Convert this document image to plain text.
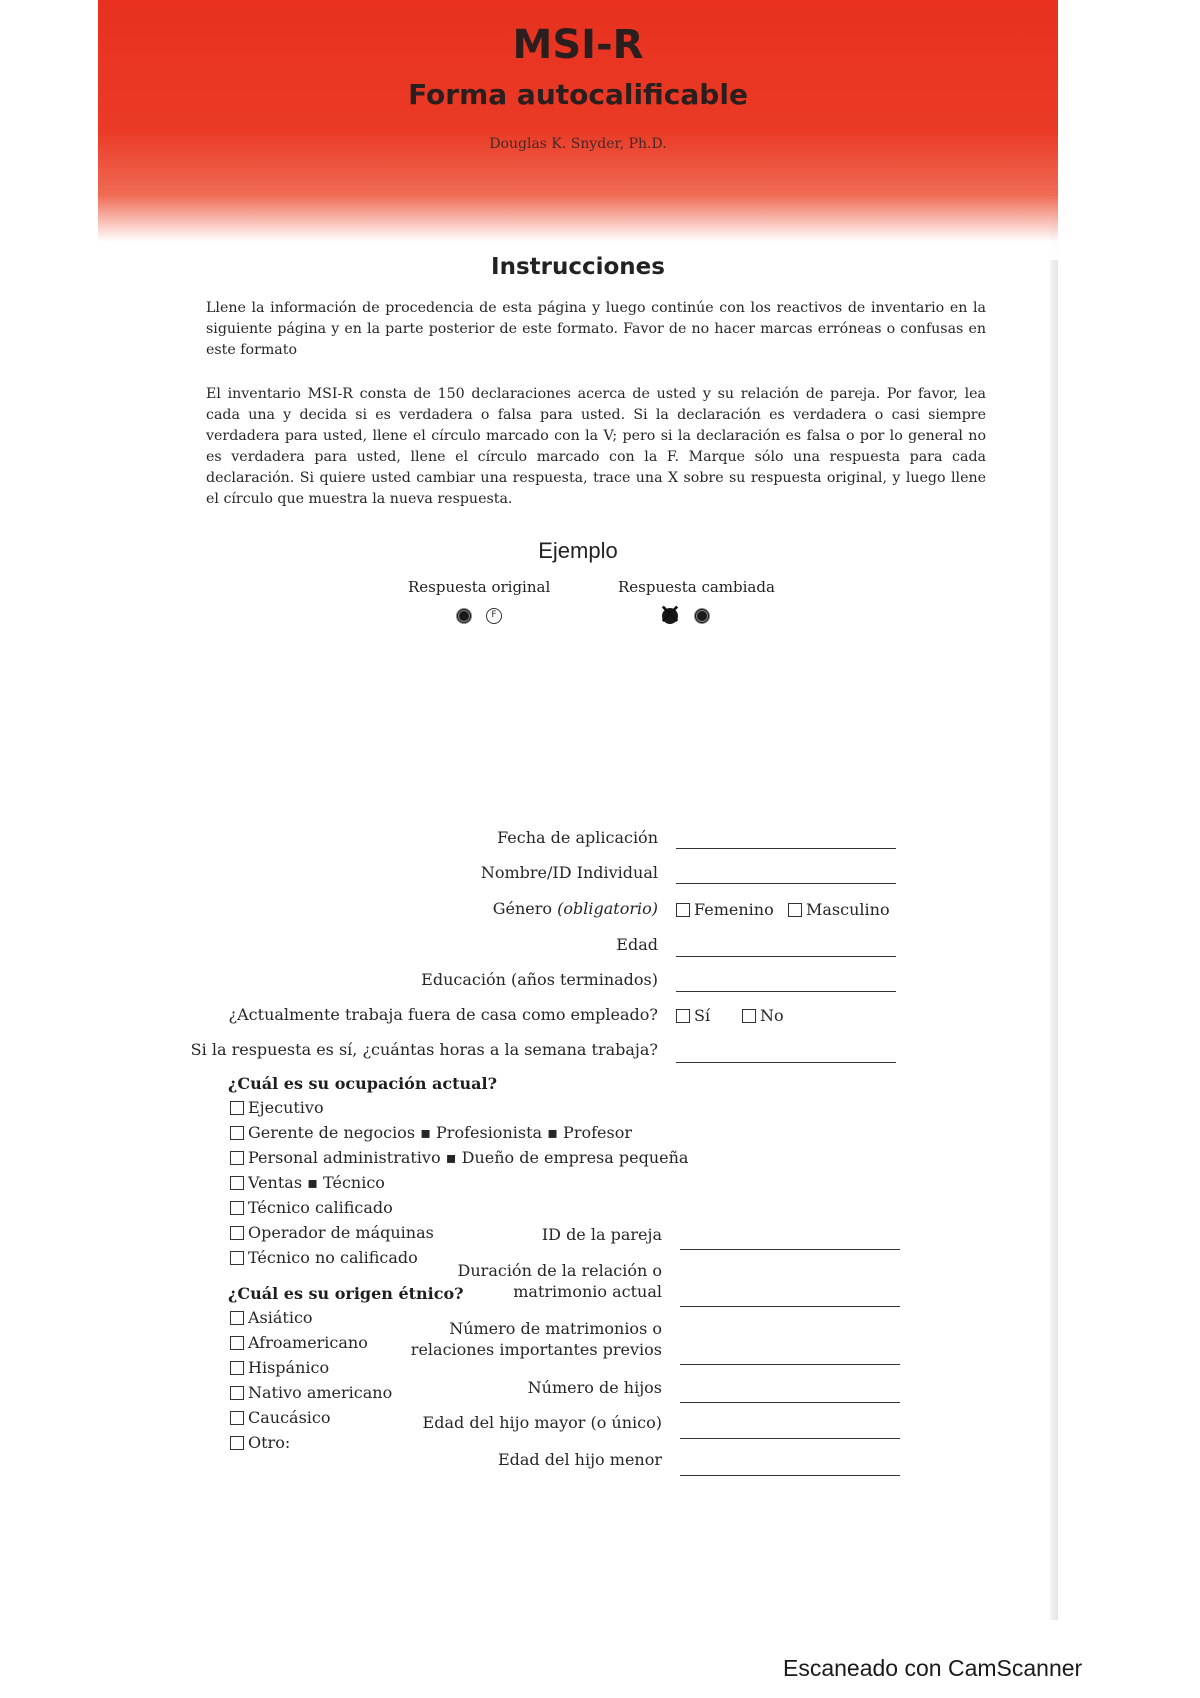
MSI-R
Forma autocalificable
Douglas K. Snyder, Ph.D.
Instrucciones
Llene la información de procedencia de esta página y luego continúe con los reactivos de inventario en la siguiente página y en la parte posterior de este formato. Favor de no hacer marcas erróneas o confusas en este formato
El inventario MSI-R consta de 150 declaraciones acerca de usted y su relación de pareja. Por favor, lea cada una y decida si es verdadera o falsa para usted. Si la declaración es verdadera o casi siempre verdadera para usted, llene el círculo marcado con la V; pero si la declaración es falsa o por lo general no es verdadera para usted, llene el círculo marcado con la F. Marque sólo una respuesta para cada declaración. Si quiere usted cambiar una respuesta, trace una X sobre su respuesta original, y luego llene el círculo que muestra la nueva respuesta.
Ejemplo
Respuesta original	Respuesta cambiada
F	✕
Fecha de aplicación
Nombre/ID Individual
Género (obligatorio)	Femenino	Masculino
Edad
Educación (años terminados)
¿Actualmente trabaja fuera de casa como empleado?	Sí	No
Si la respuesta es sí, ¿cuántas horas a la semana trabaja?
¿Cuál es su ocupación actual?
Ejecutivo
Gerente de negocios ▪ Profesionista ▪ Profesor
Personal administrativo ▪ Dueño de empresa pequeña
Ventas ▪ Técnico
Técnico calificado
Operador de máquinas
Técnico no calificado
¿Cuál es su origen étnico?
Asiático
Afroamericano
Hispánico
Nativo americano
Caucásico
Otro:
ID de la pareja
Duración de la relación o matrimonio actual
Número de matrimonios o relaciones importantes previos
Número de hijos
Edad del hijo mayor (o único)
Edad del hijo menor
Escaneado con CamScanner
